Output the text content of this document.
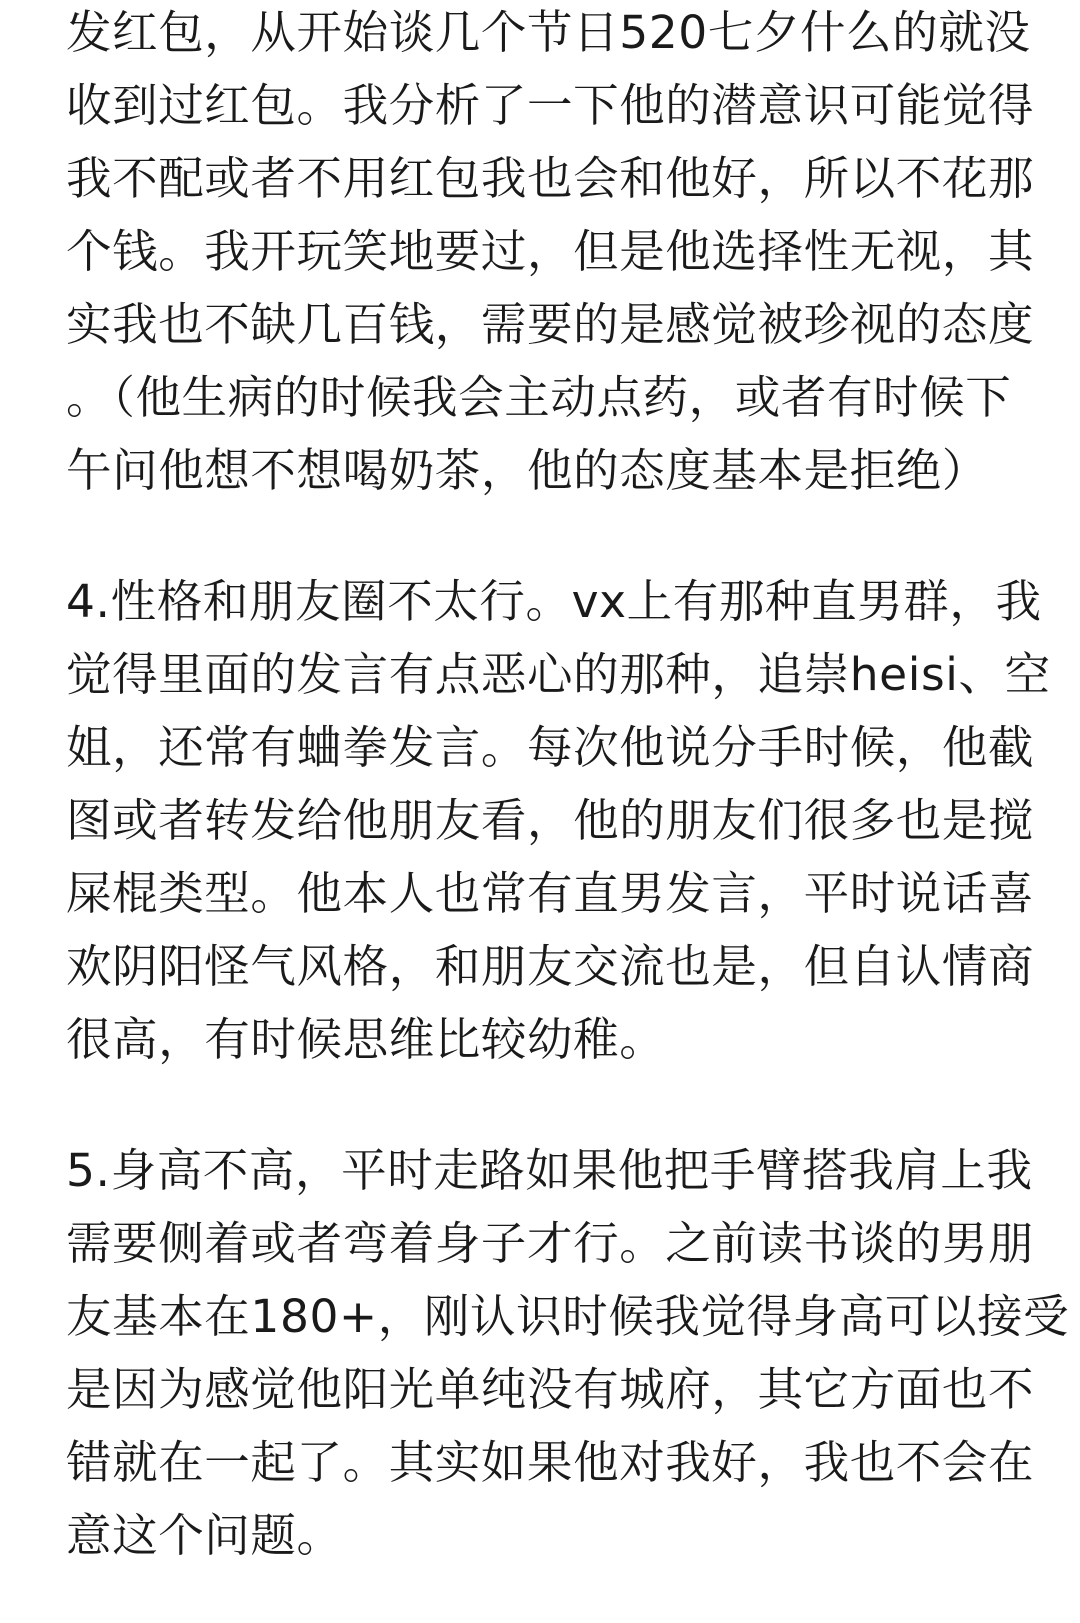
发红包，从开始谈几个节日520七夕什么的就没
收到过红包。我分析了一下他的潜意识可能觉得
我不配或者不用红包我也会和他好，所以不花那
个钱。我开玩笑地要过，但是他选择性无视，其
实我也不缺几百钱，需要的是感觉被珍视的态度
。（他生病的时候我会主动点药，或者有时候下
午问他想不想喝奶茶，他的态度基本是拒绝）
4.性格和朋友圈不太行。vx上有那种直男群，我
觉得里面的发言有点恶心的那种，追崇heisi、空
姐，还常有蛐拳发言。每次他说分手时候，他截
图或者转发给他朋友看，他的朋友们很多也是搅
屎棍类型。他本人也常有直男发言，平时说话喜
欢阴阳怪气风格，和朋友交流也是，但自认情商
很高，有时候思维比较幼稚。
5.身高不高，平时走路如果他把手臂搭我肩上我
需要侧着或者弯着身子才行。之前读书谈的男朋
友基本在180+，刚认识时候我觉得身高可以接受
是因为感觉他阳光单纯没有城府，其它方面也不
错就在一起了。其实如果他对我好，我也不会在
意这个问题。
